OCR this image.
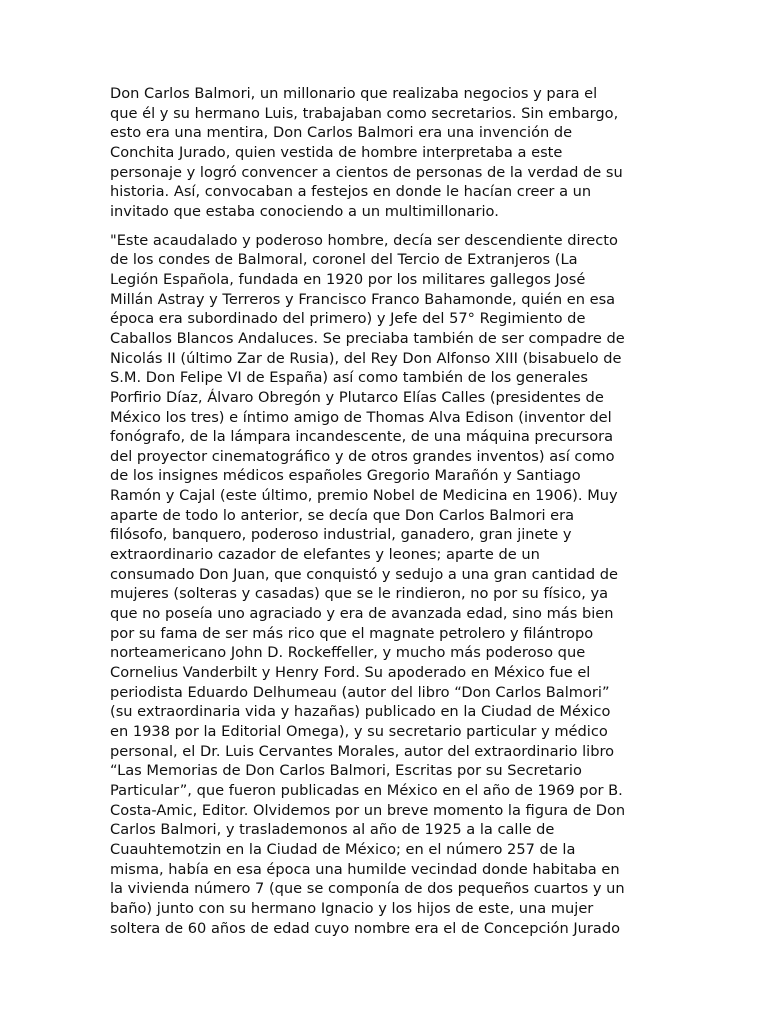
Don Carlos Balmori, un millonario que realizaba negocios y para el
que él y su hermano Luis, trabajaban como secretarios. Sin embargo,
esto era una mentira, Don Carlos Balmori era una invención de
Conchita Jurado, quien vestida de hombre interpretaba a este
personaje y logró convencer a cientos de personas de la verdad de su
historia. Así, convocaban a festejos en donde le hacían creer a un
invitado que estaba conociendo a un multimillonario.

"Este acaudalado y poderoso hombre, decía ser descendiente directo
de los condes de Balmoral, coronel del Tercio de Extranjeros (La
Legión Española, fundada en 1920 por los militares gallegos José
Millán Astray y Terreros y Francisco Franco Bahamonde, quién en esa
época era subordinado del primero) y Jefe del 57° Regimiento de
Caballos Blancos Andaluces. Se preciaba también de ser compadre de
Nicolás II (último Zar de Rusia), del Rey Don Alfonso XIII (bisabuelo de
S.M. Don Felipe VI de España) así como también de los generales
Porfirio Díaz, Álvaro Obregón y Plutarco Elías Calles (presidentes de
México los tres) e íntimo amigo de Thomas Alva Edison (inventor del
fonógrafo, de la lámpara incandescente, de una máquina precursora
del proyector cinematográfico y de otros grandes inventos) así como
de los insignes médicos españoles Gregorio Marañón y Santiago
Ramón y Cajal (este último, premio Nobel de Medicina en 1906). Muy
aparte de todo lo anterior, se decía que Don Carlos Balmori era
filósofo, banquero, poderoso industrial, ganadero, gran jinete y
extraordinario cazador de elefantes y leones; aparte de un
consumado Don Juan, que conquistó y sedujo a una gran cantidad de
mujeres (solteras y casadas) que se le rindieron, no por su físico, ya
que no poseía uno agraciado y era de avanzada edad, sino más bien
por su fama de ser más rico que el magnate petrolero y filántropo
norteamericano John D. Rockeffeller, y mucho más poderoso que
Cornelius Vanderbilt y Henry Ford. Su apoderado en México fue el
periodista Eduardo Delhumeau (autor del libro “Don Carlos Balmori”
(su extraordinaria vida y hazañas) publicado en la Ciudad de México
en 1938 por la Editorial Omega), y su secretario particular y médico
personal, el Dr. Luis Cervantes Morales, autor del extraordinario libro
“Las Memorias de Don Carlos Balmori, Escritas por su Secretario
Particular”, que fueron publicadas en México en el año de 1969 por B.
Costa-Amic, Editor. Olvidemos por un breve momento la figura de Don
Carlos Balmori, y traslademonos al año de 1925 a la calle de
Cuauhtemotzin en la Ciudad de México; en el número 257 de la
misma, había en esa época una humilde vecindad donde habitaba en
la vivienda número 7 (que se componía de dos pequeños cuartos y un
baño) junto con su hermano Ignacio y los hijos de este, una mujer
soltera de 60 años de edad cuyo nombre era el de Concepción Jurado
